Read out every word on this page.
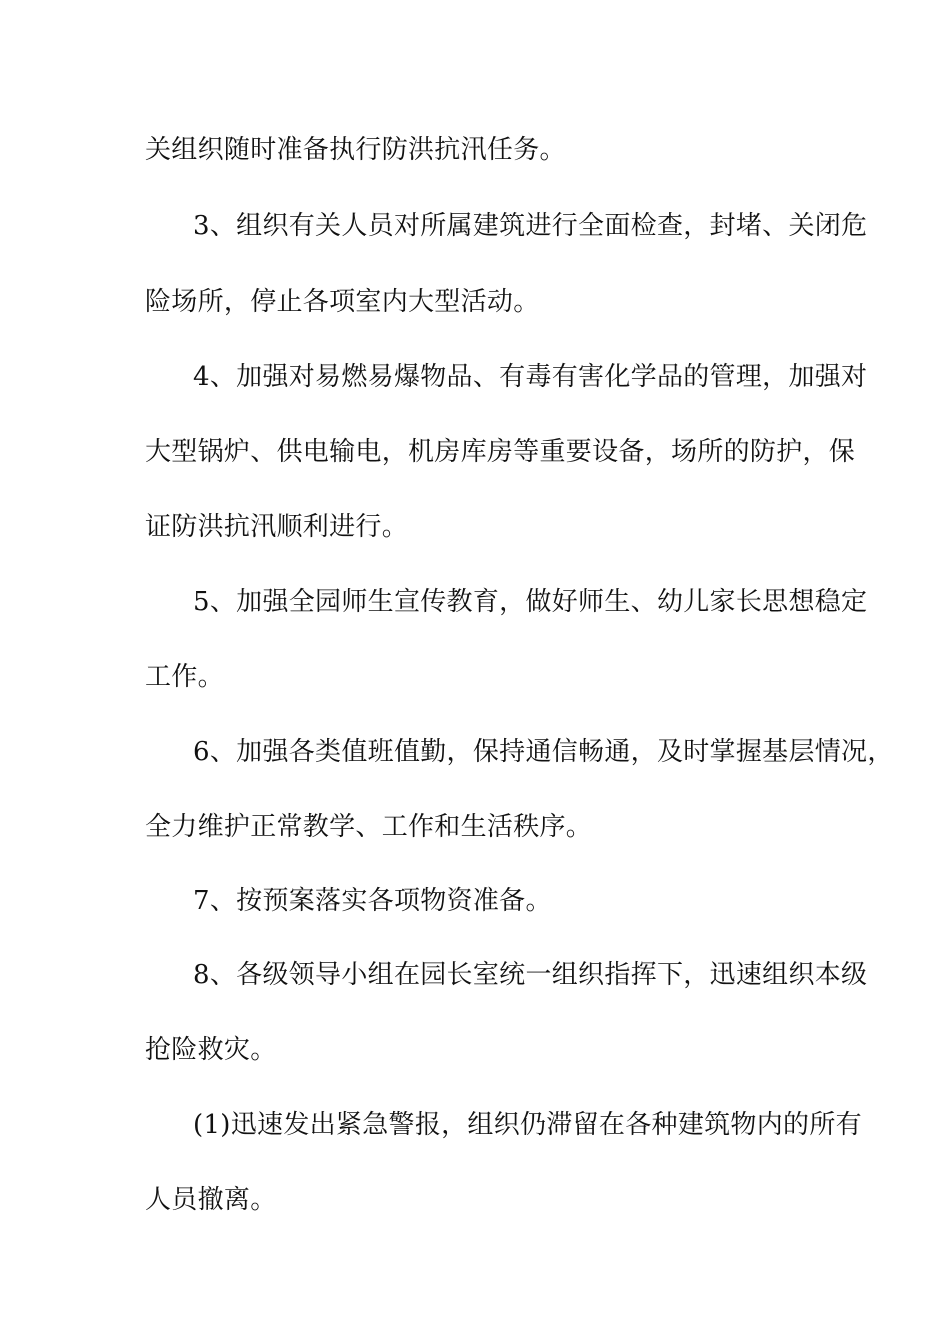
关组织随时准备执行防洪抗汛任务。
3、组织有关人员对所属建筑进行全面检查，封堵、关闭危
险场所，停止各项室内大型活动。
4、加强对易燃易爆物品、有毒有害化学品的管理，加强对
大型锅炉、供电输电，机房库房等重要设备，场所的防护，保
证防洪抗汛顺利进行。
5、加强全园师生宣传教育，做好师生、幼儿家长思想稳定
工作。
6、加强各类值班值勤，保持通信畅通，及时掌握基层情况，
全力维护正常教学、工作和生活秩序。
7、按预案落实各项物资准备。
8、各级领导小组在园长室统一组织指挥下，迅速组织本级
抢险救灾。
(1)迅速发出紧急警报，组织仍滞留在各种建筑物内的所有
人员撤离。
